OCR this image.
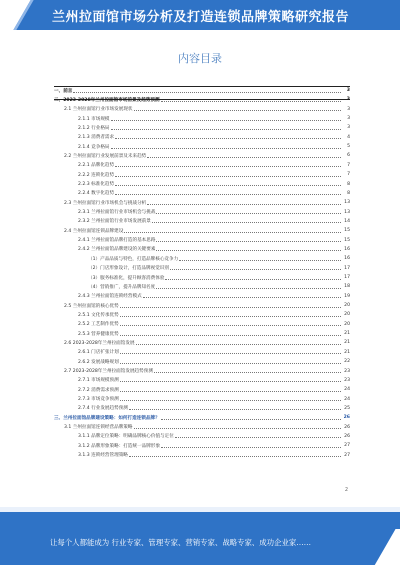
兰州拉面馆市场分析及打造连锁品牌策略研究报告
内容目录
一、前言	3
二、2023-2028年兰州拉面馆市场前景及趋势预测	3
2.1 兰州拉面馆行业市场发展现状	3
2.1.1 市场规模	3
2.1.2 行业格局	3
2.1.3 消费者需求	4
2.1.4 竞争格局	5
2.2 兰州拉面馆行业发展前景及未来趋势	6
2.2.1 品牌化趋势	7
2.2.2 连锁化趋势	7
2.2.3 标准化趋势	8
2.2.4 数字化趋势	8
2.3 兰州拉面馆行业市场机会与挑战分析	13
2.3.1 兰州拉面馆行业市场机会与挑战	13
2.3.2 兰州拉面馆行业市场发展前景	14
2.4 兰州拉面馆连锁品牌建设	15
2.4.1 兰州拉面馆品牌打造的基本思路	15
2.4.2 兰州拉面馆品牌建设的关键要素	16
（1）产品品质与特色，打造品牌核心竞争力	16
（2）门店形象设计，打造品牌视觉识别	17
（3）服务标准化，提升顾客消费体验	17
（4）营销推广，提升品牌知名度	18
2.4.3 兰州拉面馆连锁经营模式	19
2.5 兰州拉面馆的核心优势	20
2.5.1 文化传承优势	20
2.5.2 工艺制作优势	20
2.5.3 营养健康优势	21
2.6 2023-2028年兰州拉面馆发展	21
2.6.1 门店扩张计划	21
2.6.2 发展战略规划	22
2.7 2023-2028年兰州拉面馆发展趋势预测	23
2.7.1 市场规模预测	23
2.7.2 消费需求预测	24
2.7.3 市场竞争预测	24
2.7.4 行业发展趋势预测	25
三、兰州拉面馆品牌建设策略：如何打造连锁品牌？	26
3.1 兰州拉面馆连锁经营品牌策略	26
3.1.1 品牌定位策略：明确品牌核心价值与定位	26
3.1.2 品牌形象策略：打造统一品牌形象	27
3.1.3 连锁经营管理策略	27
2
让每个人都能成为 行业专家、管理专家、营销专家、战略专家、成功企业家……
